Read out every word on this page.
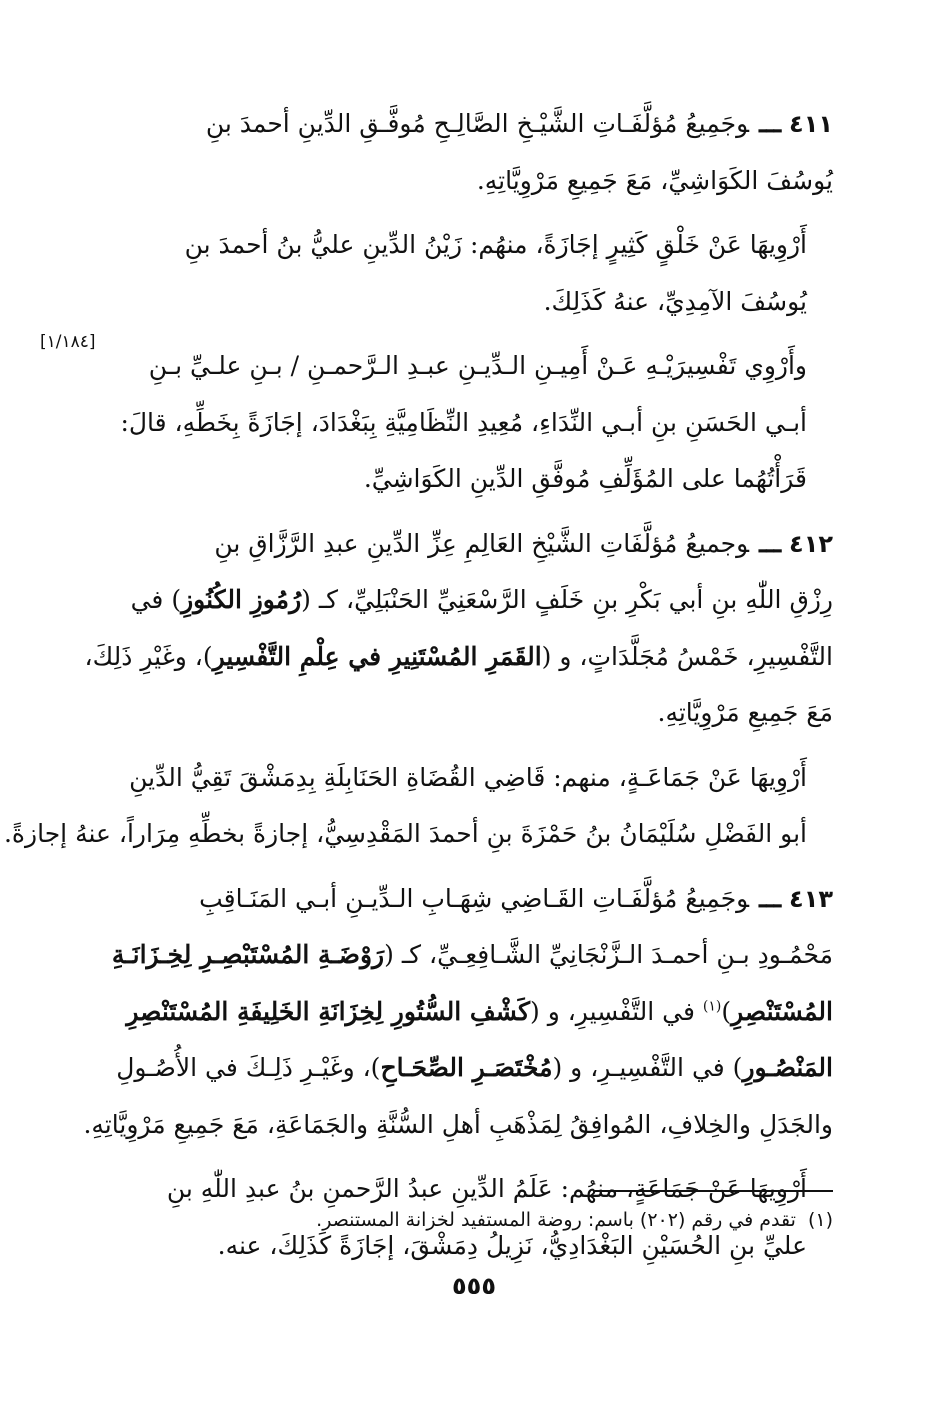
[١/١٨٤]
٤١١ـــوجَمِيعُ مُؤلَّفَـاتِ الشَّيْـخِ الصَّالِـحِ مُوفَّـقِ الدِّينِ أحمدَ بنِ
يُوسُفَ الكَوَاشِيِّ، مَعَ جَمِيعِ مَرْوِيَّاتِهِ.
أَرْوِيهَا عَنْ خَلْقٍ كَثِيرٍ إجَازَةً، منهُم: زَيْنُ الدِّينِ عليُّ بنُ أحمدَ بنِ
يُوسُفَ الآمِدِيِّ، عنهُ كَذَلِكَ.
وأَرْوِي تَفْسِيرَيْـهِ عَـنْ أَمِيـنِ الـدِّيـنِ عبـدِ الـرَّحمـنِ / بـنِ علـيِّ بـنِ
أبـي الحَسَنِ بنِ أبـي النِّدَاءِ، مُعِيدِ النِّظَامِيَّةِ بِبَغْدَادَ، إجَازَةً بِخَطِّهِ، قالَ:
قَرَأْتُهُما على المُؤَلِّفِ مُوفَّقِ الدِّينِ الكَوَاشِيِّ.
٤١٢ـــوجميعُ مُؤلَّفَاتِ الشَّيْخِ العَالِمِ عِزِّ الدِّينِ عبدِ الرَّزَّاقِ بنِ
رِزْقِ اللّٰهِ بنِ أبي بَكْرِ بنِ خَلَفٍ الرَّسْعَنِيِّ الحَنْبَلِيِّ، كـ (رُمُوزِ الكُنُوزِ) في
التَّفْسِيرِ، خَمْسُ مُجَلَّدَاتٍ، و (القَمَرِ المُسْتَنِيرِ في عِلْمِ التَّفْسِيرِ)، وغَيْرِ ذَلِكَ،
مَعَ جَمِيعِ مَرْوِيَّاتِهِ.
أَرْوِيهَا عَنْ جَمَاعَـةٍ، منهم: قَاضِي القُضَاةِ الحَنَابِلَةِ بِدِمَشْقَ تَقِيُّ الدِّينِ
أبو الفَضْلِ سُلَيْمَانُ بنُ حَمْزَةَ بنِ أحمدَ المَقْدِسِيُّ، إجازةً بخطِّهِ مِرَاراً، عنهُ إجازةً.
٤١٣ـــوجَمِيعُ مُؤلَّفَـاتِ القَـاضِي شِهَـابِ الـدِّيـنِ أبـي المَنَـاقِبِ
مَحْمُـودِ بـنِ أحمـدَ الـزَّنْجَانِيِّ الشَّـافِعِـيِّ، كـ (رَوْضَـةِ المُسْتَبْصِـرِ لِخِـزَانَـةِ
المُسْتَنْصِرِ)$^{(١)}$ في التَّفْسِيرِ، و (كَشْفِ السُّتُورِ لِخِزَانَةِ الخَلِيفَةِ المُسْتَنْصِرِ
المَنْصُـورِ) في التَّفْسِيـرِ، و (مُخْتَصَـرِ الصِّحَـاحِ)، وغَيْـرِ ذَلِـكَ في الأُصُـولِ
والجَدَلِ والخِلافِ، المُوافِقُ لِمَذْهَبِ أهلِ السُّنَّةِ والجَمَاعَةِ، مَعَ جَمِيعِ مَرْوِيَّاتِهِ.
أَرْوِيهَا عَنْ جَمَاعَةٍ، منهُم: عَلَمُ الدِّينِ عبدُ الرَّحمنِ بنُ عبدِ اللّٰهِ بنِ
عليِّ بنِ الحُسَيْنِ البَغْدَادِيُّ، نَزِيلُ دِمَشْقَ، إجَازَةً كَذَلِكَ، عنه.
(١)تقدم في رقم (٢٠٢) باسم: روضة المستفيد لخزانة المستنصر.
٥٥٥
